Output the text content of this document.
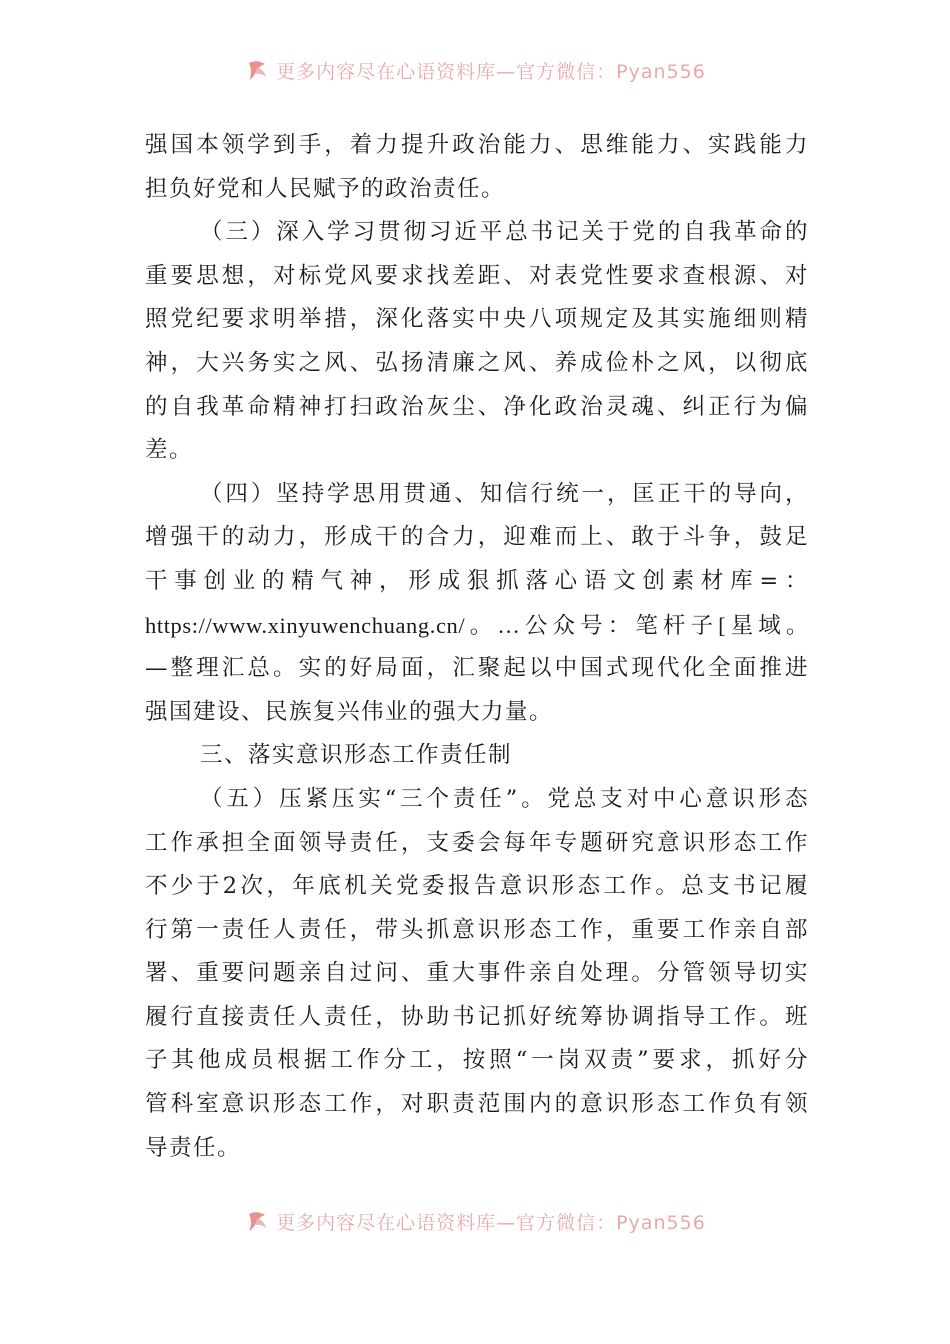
更多内容尽在心语资料库—官方微信：Pyan556
强国本领学到手，着力提升政治能力、思维能力、实践能力
担负好党和人民赋予的政治责任。
（三）深入学习贯彻习近平总书记关于党的自我革命的
重要思想，对标党风要求找差距、对表党性要求查根源、对
照党纪要求明举措，深化落实中央八项规定及其实施细则精
神，大兴务实之风、弘扬清廉之风、养成俭朴之风，以彻底
的自我革命精神打扫政治灰尘、净化政治灵魂、纠正行为偏
差。
（四）坚持学思用贯通、知信行统一，匡正干的导向，
增强干的动力，形成干的合力，迎难而上、敢于斗争，鼓足
干事创业的精气神，形成狠抓落心语文创素材库=：
https://www.xinyuwenchuang.cn/。…公众号：笔杆子[星域。
—整理汇总。实的好局面，汇聚起以中国式现代化全面推进
强国建设、民族复兴伟业的强大力量。
三、落实意识形态工作责任制
（五）压紧压实“三个责任”。党总支对中心意识形态
工作承担全面领导责任，支委会每年专题研究意识形态工作
不少于2次，年底机关党委报告意识形态工作。总支书记履
行第一责任人责任，带头抓意识形态工作，重要工作亲自部
署、重要问题亲自过问、重大事件亲自处理。分管领导切实
履行直接责任人责任，协助书记抓好统筹协调指导工作。班
子其他成员根据工作分工，按照“一岗双责”要求，抓好分
管科室意识形态工作，对职责范围内的意识形态工作负有领
导责任。
更多内容尽在心语资料库—官方微信：Pyan556
